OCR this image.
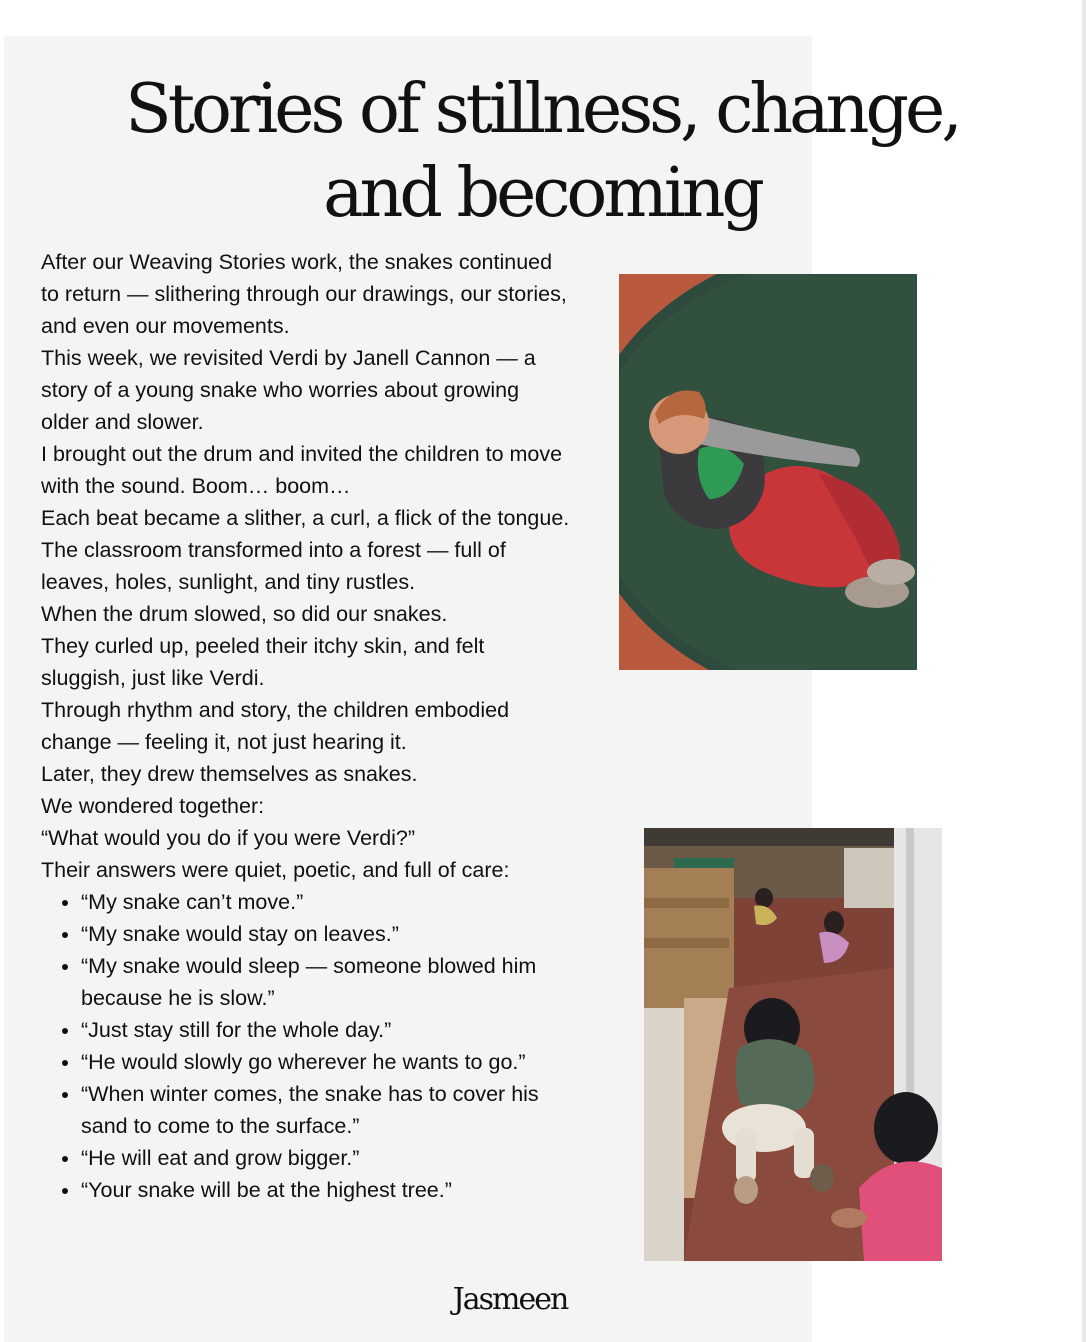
Stories of stillness, change, and becoming

After our Weaving Stories work, the snakes continued to return — slithering through our drawings, our stories, and even our movements.

This week, we revisited Verdi by Janell Cannon — a story of a young snake who worries about growing older and slower.

I brought out the drum and invited the children to move with the sound. Boom… boom…

Each beat became a slither, a curl, a flick of the tongue.

The classroom transformed into a forest — full of leaves, holes, sunlight, and tiny rustles.

When the drum slowed, so did our snakes.

They curled up, peeled their itchy skin, and felt sluggish, just like Verdi.

Through rhythm and story, the children embodied change — feeling it, not just hearing it.

Later, they drew themselves as snakes.

We wondered together:

“What would you do if you were Verdi?”

Their answers were quiet, poetic, and full of care:

• “My snake can’t move.”
• “My snake would stay on leaves.”
• “My snake would sleep — someone blowed him because he is slow.”
• “Just stay still for the whole day.”
• “He would slowly go wherever he wants to go.”
• “When winter comes, the snake has to cover his sand to come to the surface.”
• “He will eat and grow bigger.”
• “Your snake will be at the highest tree.”
Jasmeen
